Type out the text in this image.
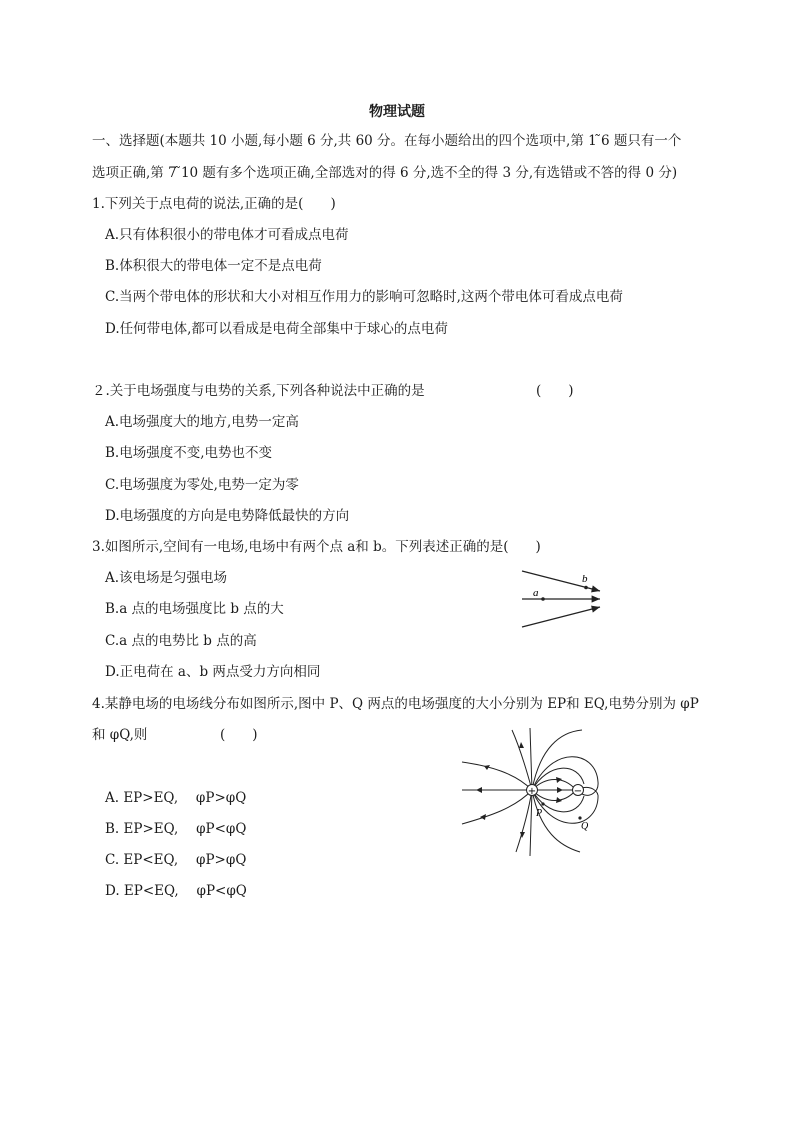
物理试题
一、选择题(本题共 10 小题,每小题 6 分,共 60 分。在每小题给出的四个选项中,第 1 ̃6 题只有一个
选项正确,第 7 ̃10 题有多个选项正确,全部选对的得 6 分,选不全的得 3 分,有选错或不答的得 0 分)
1.下列关于点电荷的说法,正确的是(　　)
A.只有体积很小的带电体才可看成点电荷
B.体积很大的带电体一定不是点电荷
C.当两个带电体的形状和大小对相互作用力的影响可忽略时,这两个带电体可看成点电荷
D.任何带电体,都可以看成是电荷全部集中于球心的点电荷
２.关于电场强度与电势的关系,下列各种说法中正确的是	(　　)
A.电场强度大的地方,电势一定高
B.电场强度不变,电势也不变
C.电场强度为零处,电势一定为零
D.电场强度的方向是电势降低最快的方向
3.如图所示,空间有一电场,电场中有两个点 a和 b。下列表述正确的是(　　)
A.该电场是匀强电场
B.a 点的电场强度比 b 点的大
C.a 点的电势比 b 点的高
D.正电荷在 a、b 两点受力方向相同
a
b
4.某静电场的电场线分布如图所示,图中 P、Q 两点的电场强度的大小分别为 EP和 EQ,电势分别为 φP
和 φQ,则	(　　)
A. EP>EQ,　 φP>φQ
B. EP>EQ,　 φP<φQ
C. EP<EQ,　 φP>φQ
D. EP<EQ,　 φP<φQ
+	−
P
Q
